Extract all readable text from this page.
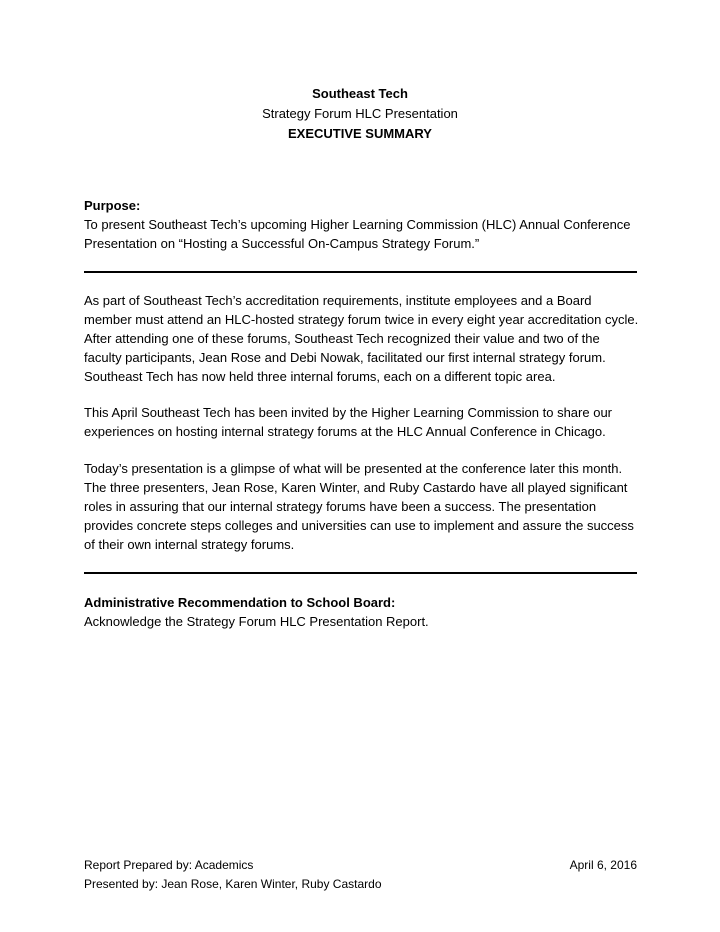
Southeast Tech
Strategy Forum HLC Presentation
EXECUTIVE SUMMARY
Purpose:
To present Southeast Tech’s upcoming Higher Learning Commission (HLC) Annual Conference Presentation on “Hosting a Successful On-Campus Strategy Forum.”
As part of Southeast Tech’s accreditation requirements, institute employees and a Board member must attend an HLC-hosted strategy forum twice in every eight year accreditation cycle. After attending one of these forums, Southeast Tech recognized their value and two of the faculty participants, Jean Rose and Debi Nowak, facilitated our first internal strategy forum. Southeast Tech has now held three internal forums, each on a different topic area.
This April Southeast Tech has been invited by the Higher Learning Commission to share our experiences on hosting internal strategy forums at the HLC Annual Conference in Chicago.
Today’s presentation is a glimpse of what will be presented at the conference later this month. The three presenters, Jean Rose, Karen Winter, and Ruby Castardo have all played significant roles in assuring that our internal strategy forums have been a success. The presentation provides concrete steps colleges and universities can use to implement and assure the success of their own internal strategy forums.
Administrative Recommendation to School Board:
Acknowledge the Strategy Forum HLC Presentation Report.
Report Prepared by: Academics	April 6, 2016
Presented by: Jean Rose, Karen Winter, Ruby Castardo
